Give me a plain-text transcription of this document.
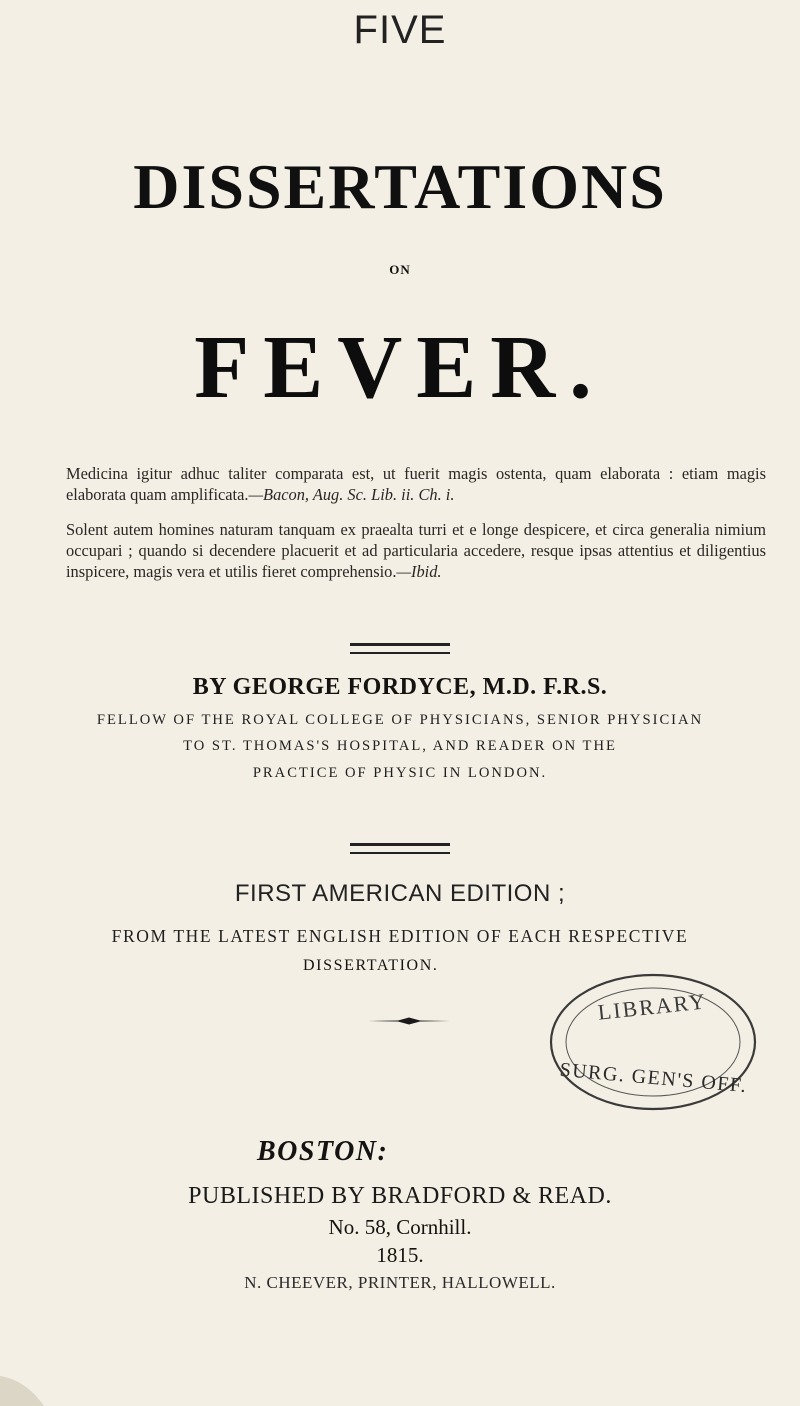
FIVE
DISSERTATIONS
ON
FEVER.
Medicina igitur adhuc taliter comparata est, ut fuerit magis ostenta, quam elaborata : etiam magis elaborata quam amplificata.—Bacon, Aug. Sc. Lib. ii. Ch. i.
Solent autem homines naturam tanquam ex praealta turri et e longe despicere, et circa generalia nimium occupari ; quando si decendere placuerit et ad particularia accedere, resque ipsas attentius et diligentius inspicere, magis vera et utilis fieret comprehensio.—Ibid.
BY GEORGE FORDYCE, M.D. F.R.S.
FELLOW OF THE ROYAL COLLEGE OF PHYSICIANS, SENIOR PHYSICIAN
TO ST. THOMAS'S HOSPITAL, AND READER ON THE
PRACTICE OF PHYSIC IN LONDON.
FIRST AMERICAN EDITION ;
FROM THE LATEST ENGLISH EDITION OF EACH RESPECTIVE
DISSERTATION.
LIBRARY
SURG. GEN'S OFF.
BOSTON:
PUBLISHED BY BRADFORD & READ.
No. 58, Cornhill.
1815.
N. CHEEVER, PRINTER, HALLOWELL.
